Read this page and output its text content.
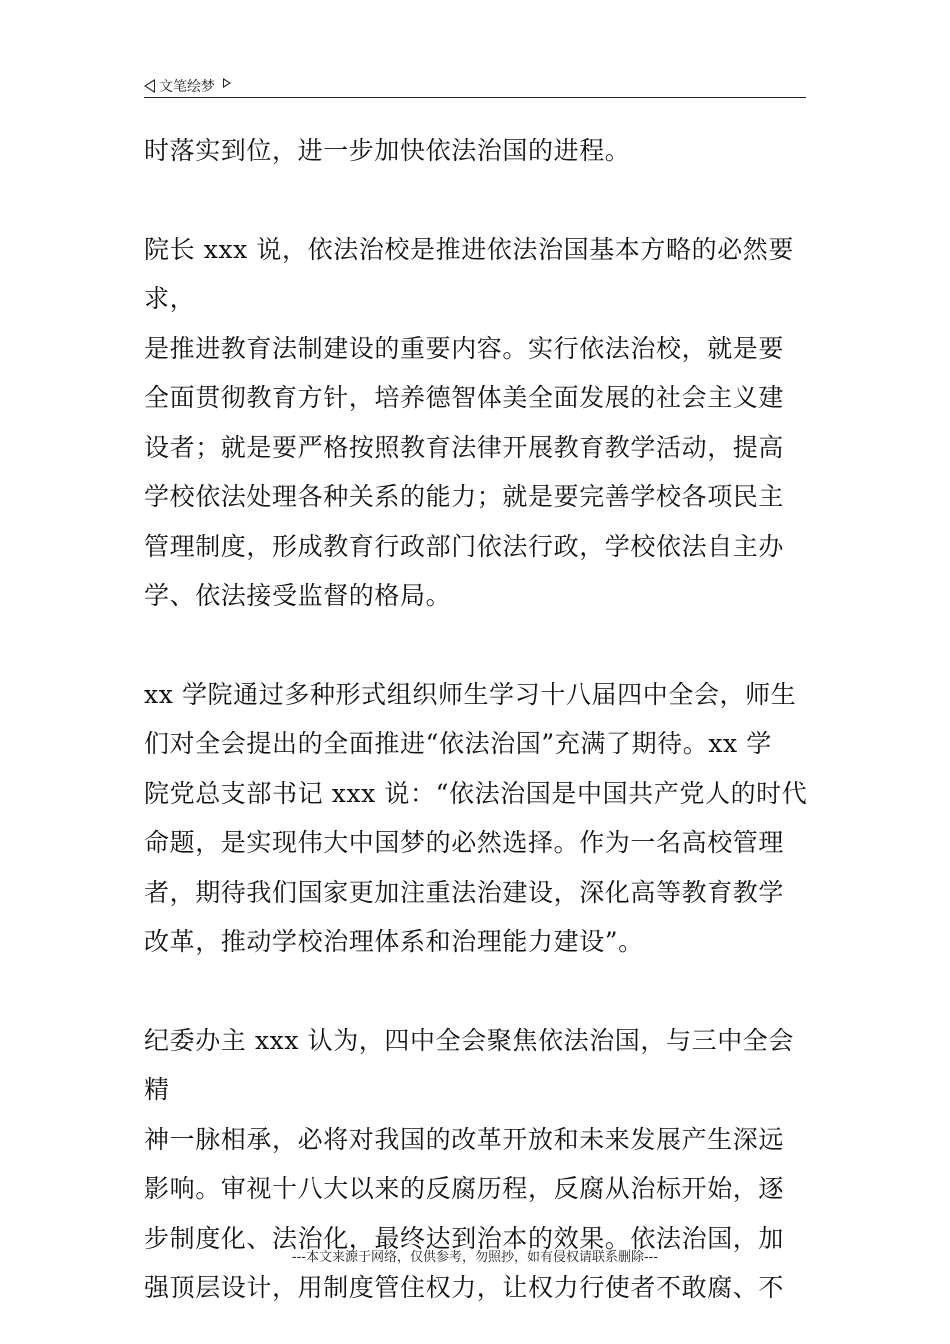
文笔绘梦

时落实到位，进一步加快依法治国的进程。

院长 xxx 说，依法治校是推进依法治国基本方略的必然要求，
是推进教育法制建设的重要内容。实行依法治校，就是要
全面贯彻教育方针，培养德智体美全面发展的社会主义建
设者；就是要严格按照教育法律开展教育教学活动，提高
学校依法处理各种关系的能力；就是要完善学校各项民主
管理制度，形成教育行政部门依法行政，学校依法自主办
学、依法接受监督的格局。

xx 学院通过多种形式组织师生学习十八届四中全会，师生
们对全会提出的全面推进“依法治国”充满了期待。xx 学
院党总支部书记 xxx 说：“依法治国是中国共产党人的时代
命题，是实现伟大中国梦的必然选择。作为一名高校管理
者，期待我们国家更加注重法治建设，深化高等教育教学
改革，推动学校治理体系和治理能力建设”。

纪委办主 xxx 认为，四中全会聚焦依法治国，与三中全会精
神一脉相承，必将对我国的改革开放和未来发展产生深远
影响。审视十八大以来的反腐历程，反腐从治标开始，逐
步制度化、法治化，最终达到治本的效果。依法治国，加
强顶层设计，用制度管住权力，让权力行使者不敢腐、不

---本文来源于网络，仅供参考，勿照抄，如有侵权请联系删除---
